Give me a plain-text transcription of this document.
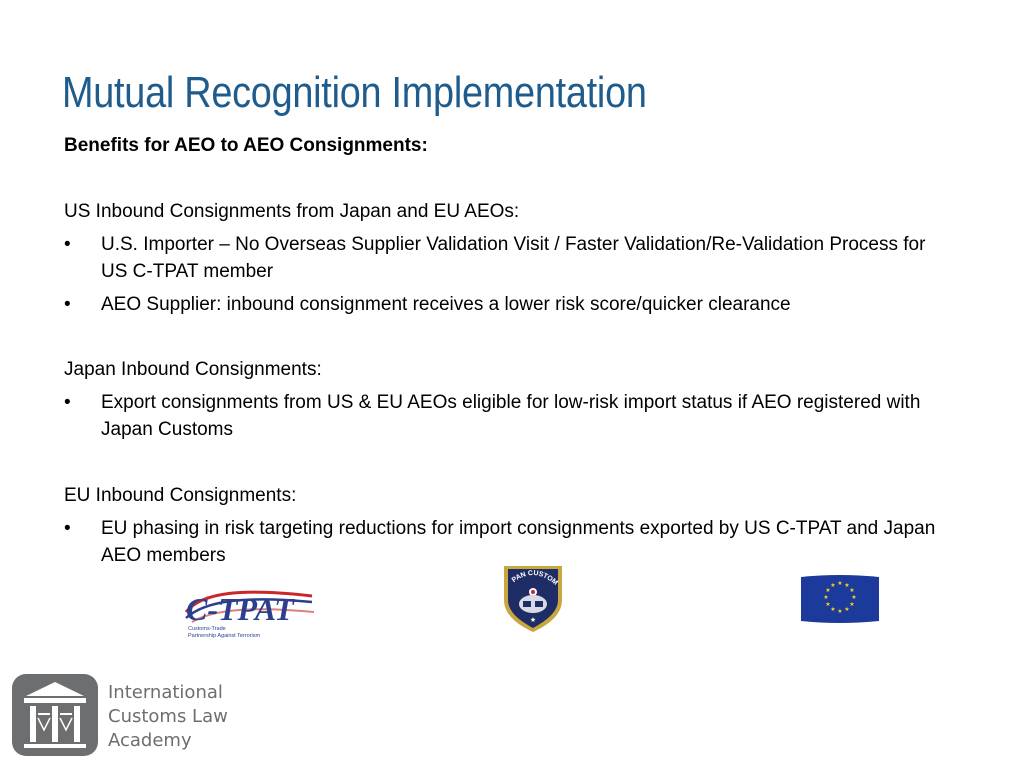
Mutual Recognition Implementation
Benefits for AEO to AEO Consignments:
US Inbound Consignments from Japan and EU AEOs:
• U.S. Importer – No Overseas Supplier Validation Visit / Faster Validation/Re-Validation Process for US C-TPAT member
• AEO Supplier: inbound consignment receives a lower risk score/quicker clearance
Japan Inbound Consignments:
• Export consignments from US & EU AEOs eligible for low-risk import status if AEO registered with Japan Customs
EU Inbound Consignments:
• EU phasing in risk targeting reductions for import consignments exported by US C-TPAT and Japan AEO members
C-TPAT
Customs-Trade
Partnership Against Terrorism
PAN CUSTOM
★
★ ★
★
★
★
★
★
★
★
★
★
★
International
Customs Law
Academy
